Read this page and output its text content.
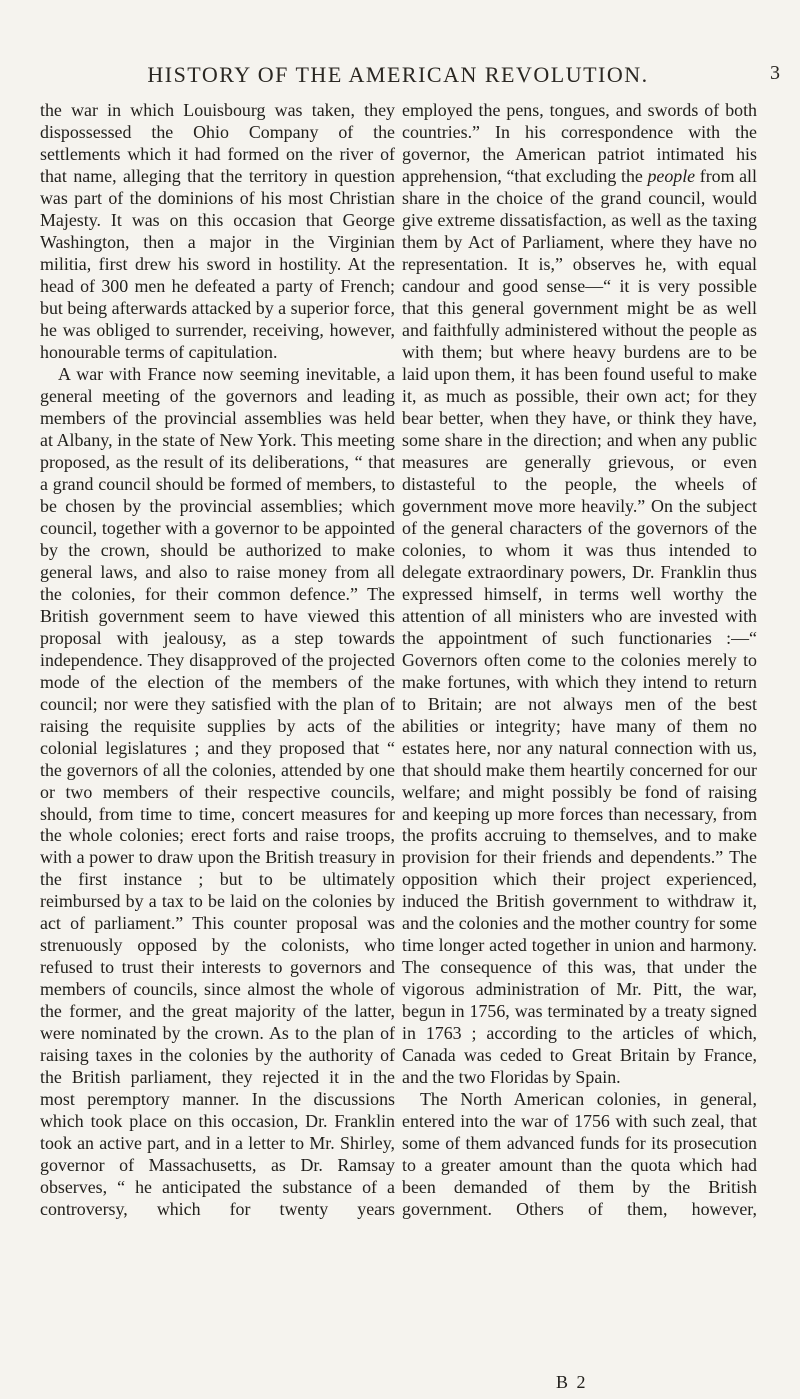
HISTORY OF THE AMERICAN REVOLUTION.	3

the war in which Louisbourg was taken, they dispossessed the Ohio Company of the settlements which it had formed on the river of that name, alleging that the territory in question was part of the dominions of his most Christian Majesty. It was on this occasion that George Washington, then a major in the Virginian militia, first drew his sword in hostility. At the head of 300 men he defeated a party of French; but being afterwards attacked by a superior force, he was obliged to surrender, receiving, however, honourable terms of capitulation.

A war with France now seeming inevitable, a general meeting of the governors and leading members of the provincial assemblies was held at Albany, in the state of New York. This meeting proposed, as the result of its deliberations, “ that a grand council should be formed of members, to be chosen by the provincial assemblies; which council, together with a governor to be appointed by the crown, should be authorized to make general laws, and also to raise money from all the colonies, for their common defence.” The British government seem to have viewed this proposal with jealousy, as a step towards independence. They disapproved of the projected mode of the election of the members of the council; nor were they satisfied with the plan of raising the requisite supplies by acts of the colonial legislatures ; and they proposed that “ the governors of all the colonies, attended by one or two members of their respective councils, should, from time to time, concert measures for the whole colonies; erect forts and raise troops, with a power to draw upon the British treasury in the first instance ; but to be ultimately reimbursed by a tax to be laid on the colonies by act of parliament.” This counter proposal was strenuously opposed by the colonists, who refused to trust their interests to governors and members of councils, since almost the whole of the former, and the great majority of the latter, were nominated by the crown. As to the plan of raising taxes in the colonies by the authority of the British parliament, they rejected it in the most peremptory manner. In the discussions which took place on this occasion, Dr. Franklin took an active part, and in a letter to Mr. Shirley, governor of Massachusetts, as Dr. Ramsay observes, “ he anticipated the substance of a controversy, which for twenty years

employed the pens, tongues, and swords of both countries.” In his correspondence with the governor, the American patriot intimated his apprehension, “that excluding the people from all share in the choice of the grand council, would give extreme dissatisfaction, as well as the taxing them by Act of Parliament, where they have no representation. It is,” observes he, with equal candour and good sense—“ it is very possible that this general government might be as well and faithfully administered without the people as with them; but where heavy burdens are to be laid upon them, it has been found useful to make it, as much as possible, their own act; for they bear better, when they have, or think they have, some share in the direction; and when any public measures are generally grievous, or even distasteful to the people, the wheels of government move more heavily.” On the subject of the general characters of the governors of the colonies, to whom it was thus intended to delegate extraordinary powers, Dr. Franklin thus expressed himself, in terms well worthy the attention of all ministers who are invested with the appointment of such functionaries :—“ Governors often come to the colonies merely to make fortunes, with which they intend to return to Britain; are not always men of the best abilities or integrity; have many of them no estates here, nor any natural connection with us, that should make them heartily concerned for our welfare; and might possibly be fond of raising and keeping up more forces than necessary, from the profits accruing to themselves, and to make provision for their friends and dependents.” The opposition which their project experienced, induced the British government to withdraw it, and the colonies and the mother country for some time longer acted together in union and harmony. The consequence of this was, that under the vigorous administration of Mr. Pitt, the war, begun in 1756, was terminated by a treaty signed in 1763 ; according to the articles of which, Canada was ceded to Great Britain by France, and the two Floridas by Spain.

The North American colonies, in general, entered into the war of 1756 with such zeal, that some of them advanced funds for its prosecution to a greater amount than the quota which had been demanded of them by the British government. Others of them, however,

B 2
